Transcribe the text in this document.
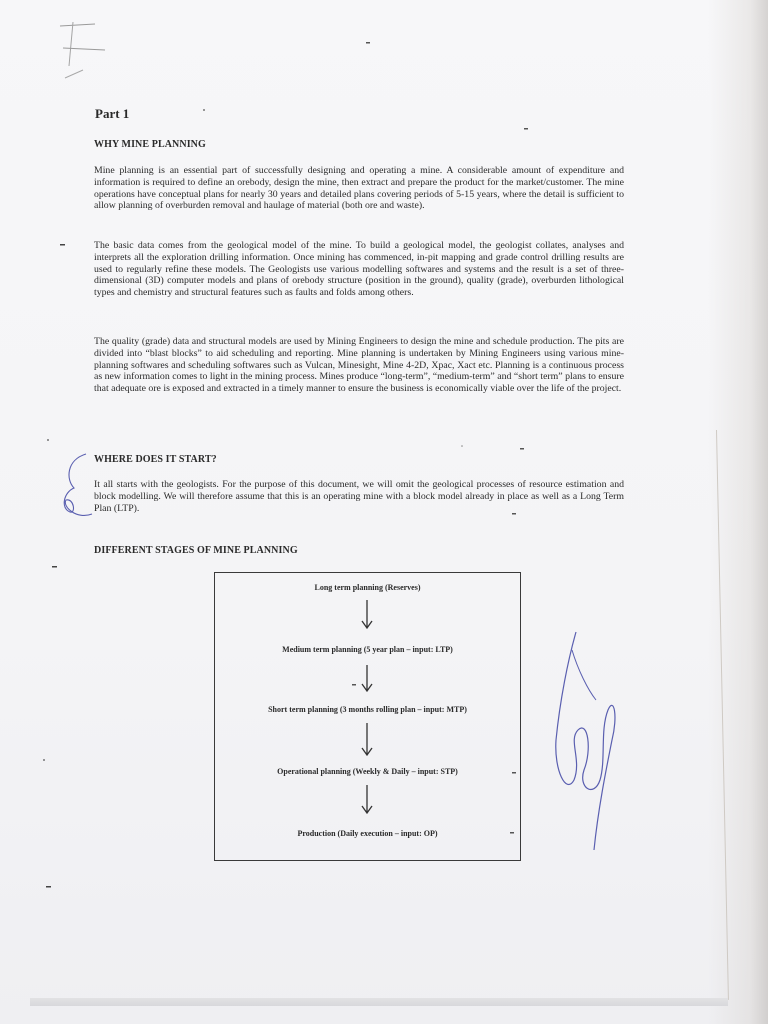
Part 1
WHY MINE PLANNING

Mine planning is an essential part of successfully designing and operating a mine. A considerable amount of expenditure and information is required to define an orebody, design the mine, then extract and prepare the product for the market/customer. The mine operations have conceptual plans for nearly 30 years and detailed plans covering periods of 5-15 years, where the detail is sufficient to allow planning of overburden removal and haulage of material (both ore and waste).

The basic data comes from the geological model of the mine. To build a geological model, the geologist collates, analyses and interprets all the exploration drilling information. Once mining has commenced, in-pit mapping and grade control drilling results are used to regularly refine these models. The Geologists use various modelling softwares and systems and the result is a set of three-dimensional (3D) computer models and plans of orebody structure (position in the ground), quality (grade), overburden lithological types and chemistry and structural features such as faults and folds among others.

The quality (grade) data and structural models are used by Mining Engineers to design the mine and schedule production. The pits are divided into “blast blocks” to aid scheduling and reporting. Mine planning is undertaken by Mining Engineers using various mine-planning softwares and scheduling softwares such as Vulcan, Minesight, Mine 4-2D, Xpac, Xact etc. Planning is a continuous process as new information comes to light in the mining process. Mines produce “long-term”, “medium-term” and “short term” plans to ensure that adequate ore is exposed and extracted in a timely manner to ensure the business is economically viable over the life of the project.

WHERE DOES IT START?

It all starts with the geologists. For the purpose of this document, we will omit the geological processes of resource estimation and block modelling. We will therefore assume that this is an operating mine with a block model already in place as well as a Long Term Plan (LTP).

DIFFERENT STAGES OF MINE PLANNING
Long term planning (Reserves)
Medium term planning (5 year plan – input: LTP)
Short term planning (3 months rolling plan – input: MTP)
Operational planning (Weekly & Daily – input: STP)
Production (Daily execution – input: OP)
